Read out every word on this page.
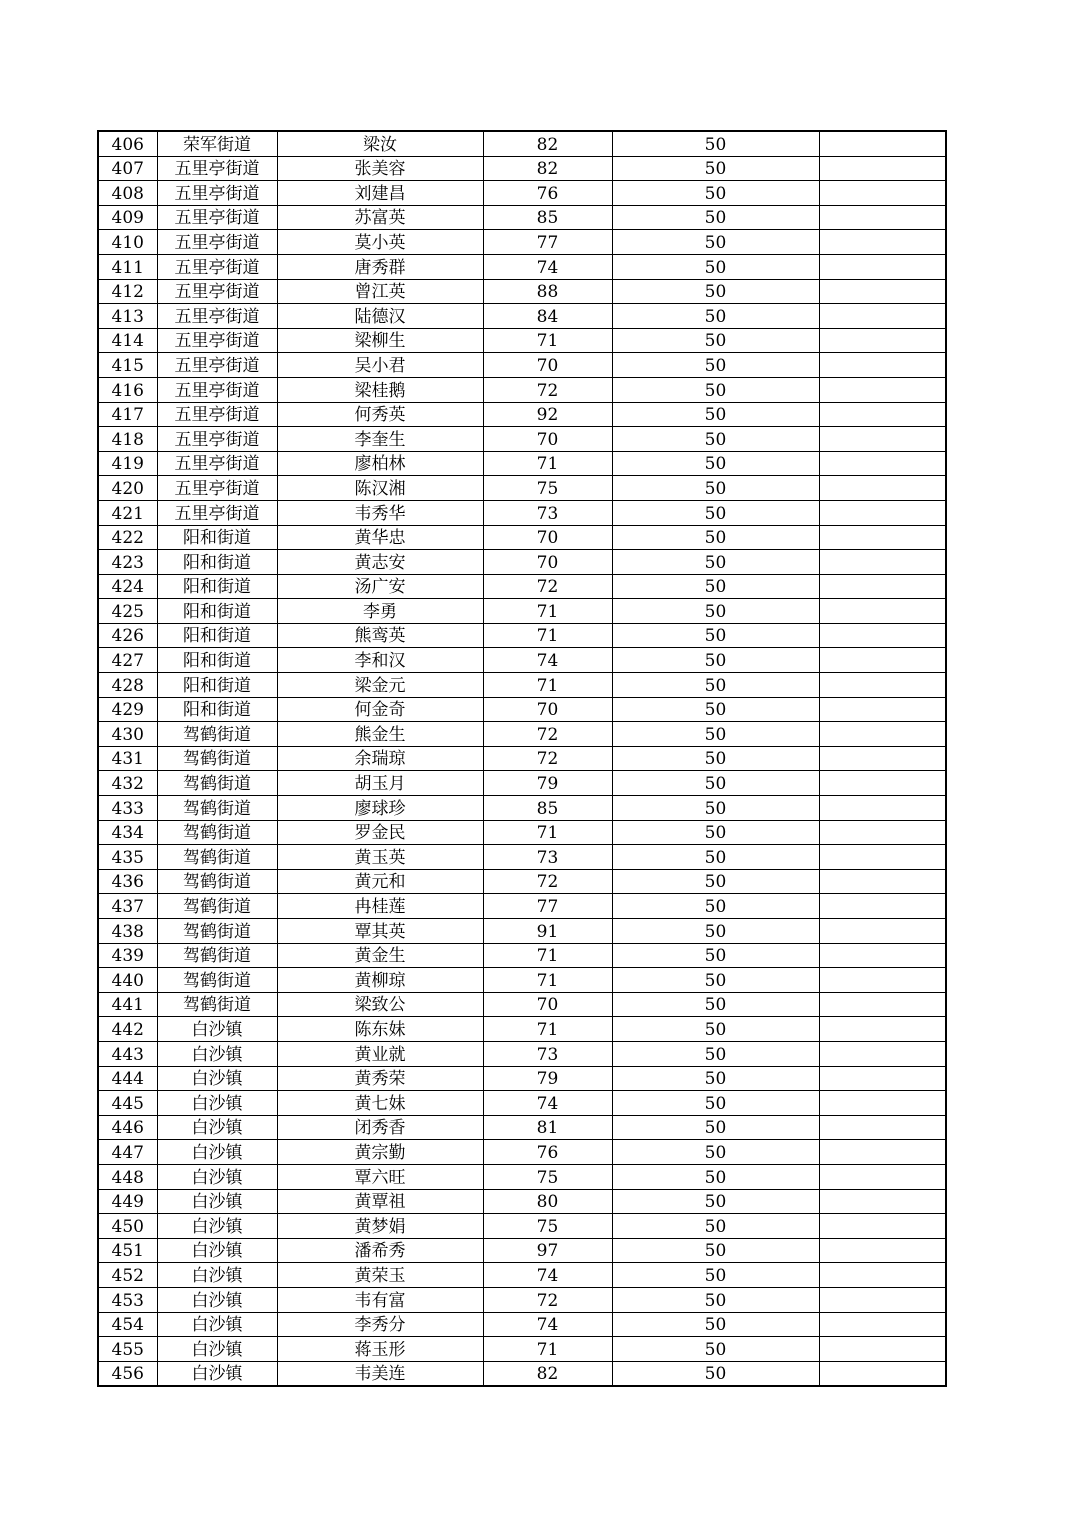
406	荣军街道	梁汝	82	50	
407	五里亭街道	张美容	82	50	
408	五里亭街道	刘建昌	76	50	
409	五里亭街道	苏富英	85	50	
410	五里亭街道	莫小英	77	50	
411	五里亭街道	唐秀群	74	50	
412	五里亭街道	曾江英	88	50	
413	五里亭街道	陆德汉	84	50	
414	五里亭街道	梁柳生	71	50	
415	五里亭街道	吴小君	70	50	
416	五里亭街道	梁桂鹅	72	50	
417	五里亭街道	何秀英	92	50	
418	五里亭街道	李奎生	70	50	
419	五里亭街道	廖柏林	71	50	
420	五里亭街道	陈汉湘	75	50	
421	五里亭街道	韦秀华	73	50	
422	阳和街道	黄华忠	70	50	
423	阳和街道	黄志安	70	50	
424	阳和街道	汤广安	72	50	
425	阳和街道	李勇	71	50	
426	阳和街道	熊鸾英	71	50	
427	阳和街道	李和汉	74	50	
428	阳和街道	梁金元	71	50	
429	阳和街道	何金奇	70	50	
430	驾鹤街道	熊金生	72	50	
431	驾鹤街道	余瑞琼	72	50	
432	驾鹤街道	胡玉月	79	50	
433	驾鹤街道	廖球珍	85	50	
434	驾鹤街道	罗金民	71	50	
435	驾鹤街道	黄玉英	73	50	
436	驾鹤街道	黄元和	72	50	
437	驾鹤街道	冉桂莲	77	50	
438	驾鹤街道	覃其英	91	50	
439	驾鹤街道	黄金生	71	50	
440	驾鹤街道	黄柳琼	71	50	
441	驾鹤街道	梁致公	70	50	
442	白沙镇	陈东妹	71	50	
443	白沙镇	黄业就	73	50	
444	白沙镇	黄秀荣	79	50	
445	白沙镇	黄七妹	74	50	
446	白沙镇	闭秀香	81	50	
447	白沙镇	黄宗勤	76	50	
448	白沙镇	覃六旺	75	50	
449	白沙镇	黄覃祖	80	50	
450	白沙镇	黄梦娟	75	50	
451	白沙镇	潘希秀	97	50	
452	白沙镇	黄荣玉	74	50	
453	白沙镇	韦有富	72	50	
454	白沙镇	李秀分	74	50	
455	白沙镇	蒋玉形	71	50	
456	白沙镇	韦美连	82	50	
